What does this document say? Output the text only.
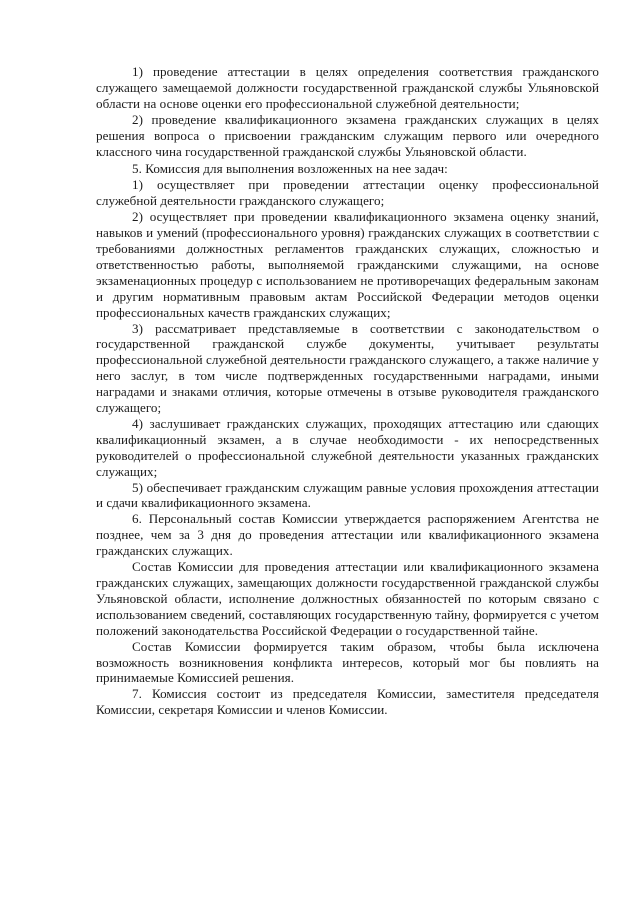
1) проведение аттестации в целях определения соответствия гражданского служащего замещаемой должности государственной гражданской службы Ульяновской области на основе оценки его профессиональной служебной деятельности;

2) проведение квалификационного экзамена гражданских служащих в целях решения вопроса о присвоении гражданским служащим первого или очередного классного чина государственной гражданской службы Ульяновской области.

5. Комиссия для выполнения возложенных на нее задач:

1) осуществляет при проведении аттестации оценку профессиональной служебной деятельности гражданского служащего;

2) осуществляет при проведении квалификационного экзамена оценку знаний, навыков и умений (профессионального уровня) гражданских служащих в соответствии с требованиями должностных регламентов гражданских служащих, сложностью и ответственностью работы, выполняемой гражданскими служащими, на основе экзаменационных процедур с использованием не противоречащих федеральным законам и другим нормативным правовым актам Российской Федерации методов оценки профессиональных качеств гражданских служащих;

3) рассматривает представляемые в соответствии с законодательством о государственной гражданской службе документы, учитывает результаты профессиональной служебной деятельности гражданского служащего, а также наличие у него заслуг, в том числе подтвержденных государственными наградами, иными наградами и знаками отличия, которые отмечены в отзыве руководителя гражданского служащего;

4) заслушивает гражданских служащих, проходящих аттестацию или сдающих квалификационный экзамен, а в случае необходимости - их непосредственных руководителей о профессиональной служебной деятельности указанных гражданских служащих;

5) обеспечивает гражданским служащим равные условия прохождения аттестации и сдачи квалификационного экзамена.

6. Персональный состав Комиссии утверждается распоряжением Агентства не позднее, чем за 3 дня до проведения аттестации или квалификационного экзамена гражданских служащих.

Состав Комиссии для проведения аттестации или квалификационного экзамена гражданских служащих, замещающих должности государственной гражданской службы Ульяновской области, исполнение должностных обязанностей по которым связано с использованием сведений, составляющих государственную тайну, формируется с учетом положений законодательства Российской Федерации о государственной тайне.

Состав Комиссии формируется таким образом, чтобы была исключена возможность возникновения конфликта интересов, который мог бы повлиять на принимаемые Комиссией решения.

7. Комиссия состоит из председателя Комиссии, заместителя председателя Комиссии, секретаря Комиссии и членов Комиссии.
